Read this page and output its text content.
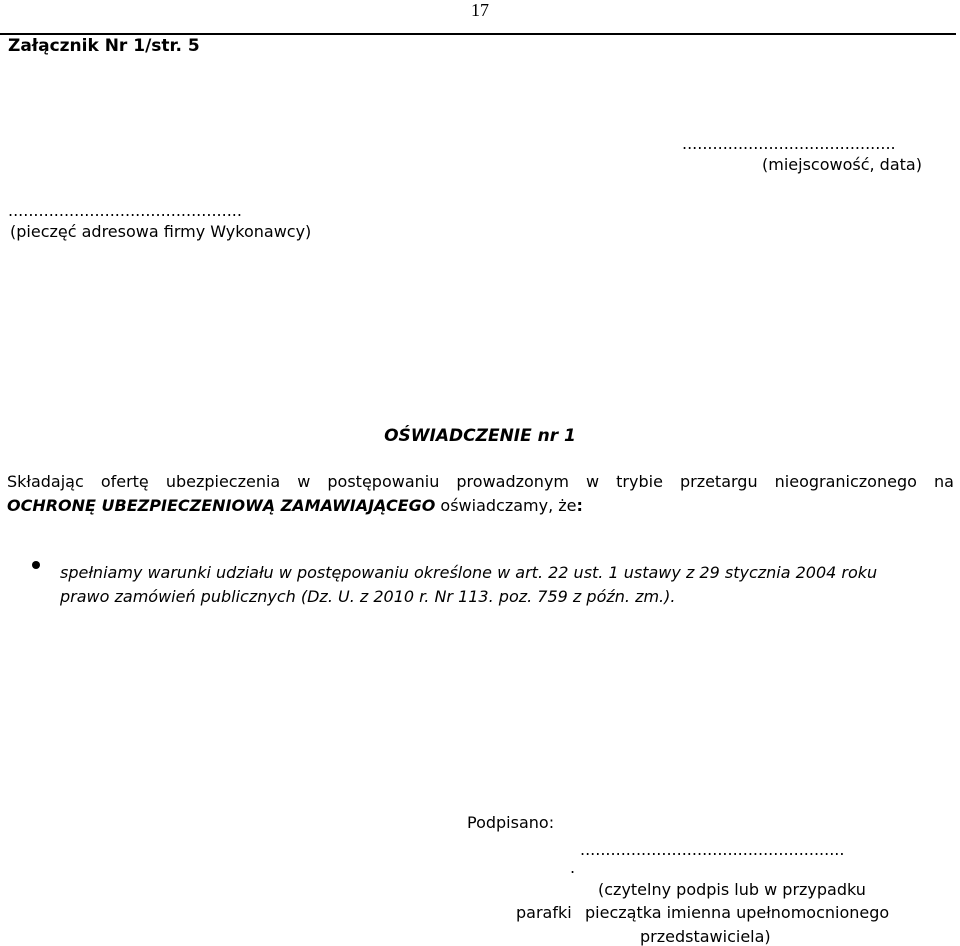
17
Załącznik Nr 1/str. 5
..........................................
(miejscowość, data)
..............................................
(pieczęć adresowa firmy Wykonawcy)
OŚWIADCZENIE nr 1
Składając ofertę ubezpieczenia w postępowaniu prowadzonym w trybie przetargu nieograniczonego na
OCHRONĘ UBEZPIECZENIOWĄ ZAMAWIAJĄCEGO oświadczamy, że:
spełniamy warunki udziału w postępowaniu określone w art. 22 ust. 1 ustawy z 29 stycznia 2004 roku
prawo zamówień publicznych (Dz. U. z 2010 r. Nr 113. poz. 759 z późn. zm.).
Podpisano:
....................................................
.
(czytelny podpis lub w przypadku
parafki pieczątka imienna upełnomocnionego
przedstawiciela)
